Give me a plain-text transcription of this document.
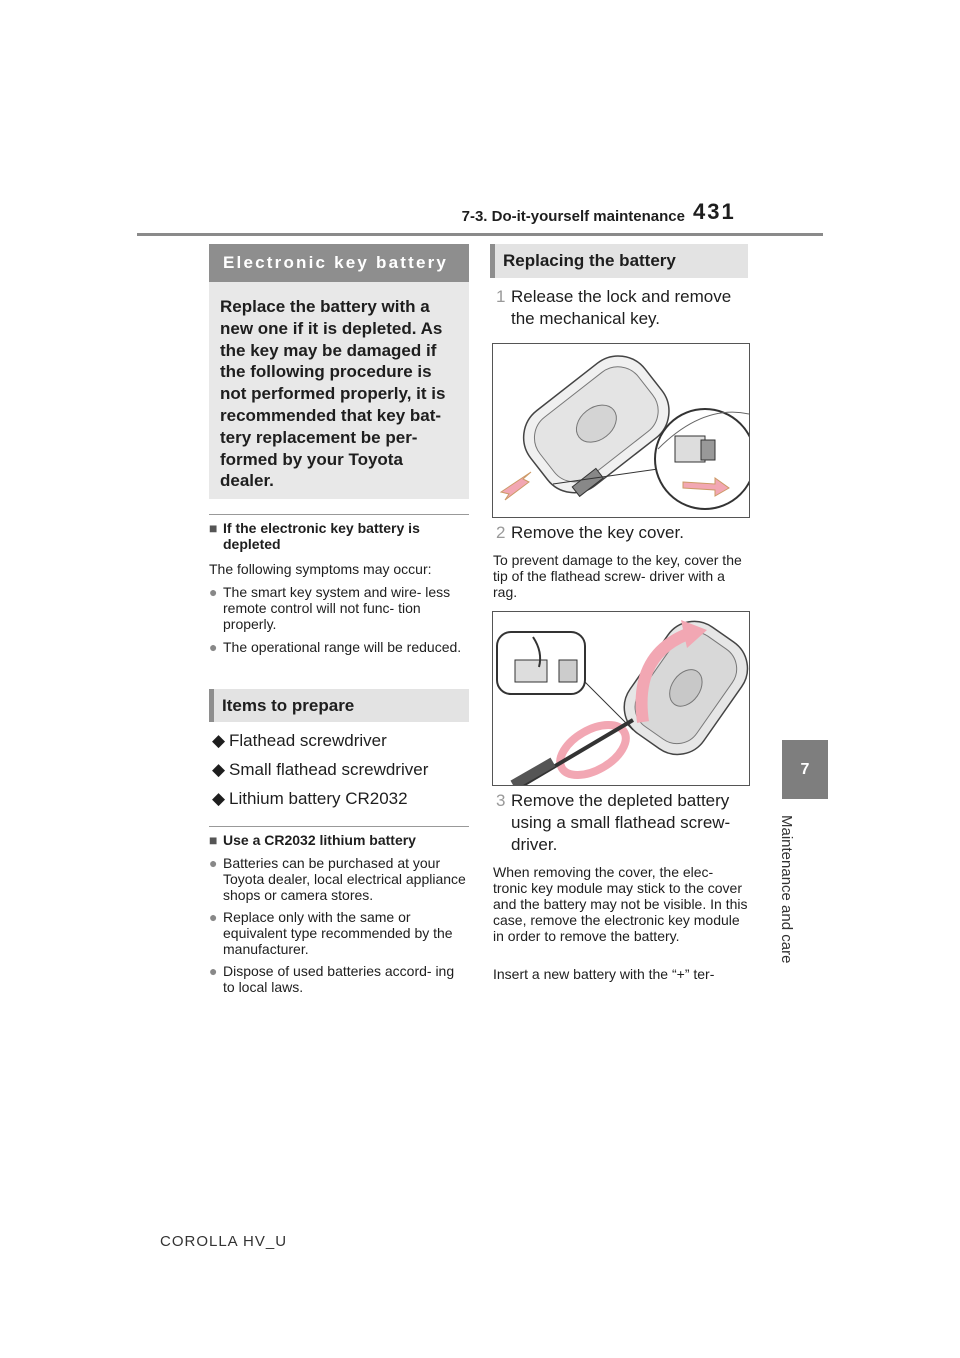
7-3. Do-it-yourself maintenance 431
7
Maintenance and care
Electronic key battery
Replace the battery with a new one if it is depleted. As the key may be damaged if the following procedure is not performed properly, it is recommended that key bat- tery replacement be per- formed by your Toyota dealer.
■ If the electronic key battery is depleted
The following symptoms may occur:
● The smart key system and wire- less remote control will not func- tion properly.
● The operational range will be reduced.
Items to prepare
◆ Flathead screwdriver
◆ Small flathead screwdriver
◆ Lithium battery CR2032
■ Use a CR2032 lithium battery
● Batteries can be purchased at your Toyota dealer, local electrical appliance shops or camera stores.
● Replace only with the same or equivalent type recommended by the manufacturer.
● Dispose of used batteries accord- ing to local laws.
Replacing the battery
1 Release the lock and remove the mechanical key.
2 Remove the key cover.
To prevent damage to the key, cover the tip of the flathead screw- driver with a rag.
3 Remove the depleted battery using a small flathead screw- driver.
When removing the cover, the elec- tronic key module may stick to the cover and the battery may not be visible. In this case, remove the electronic key module in order to remove the battery.
Insert a new battery with the “+” ter-
COROLLA HV_U
